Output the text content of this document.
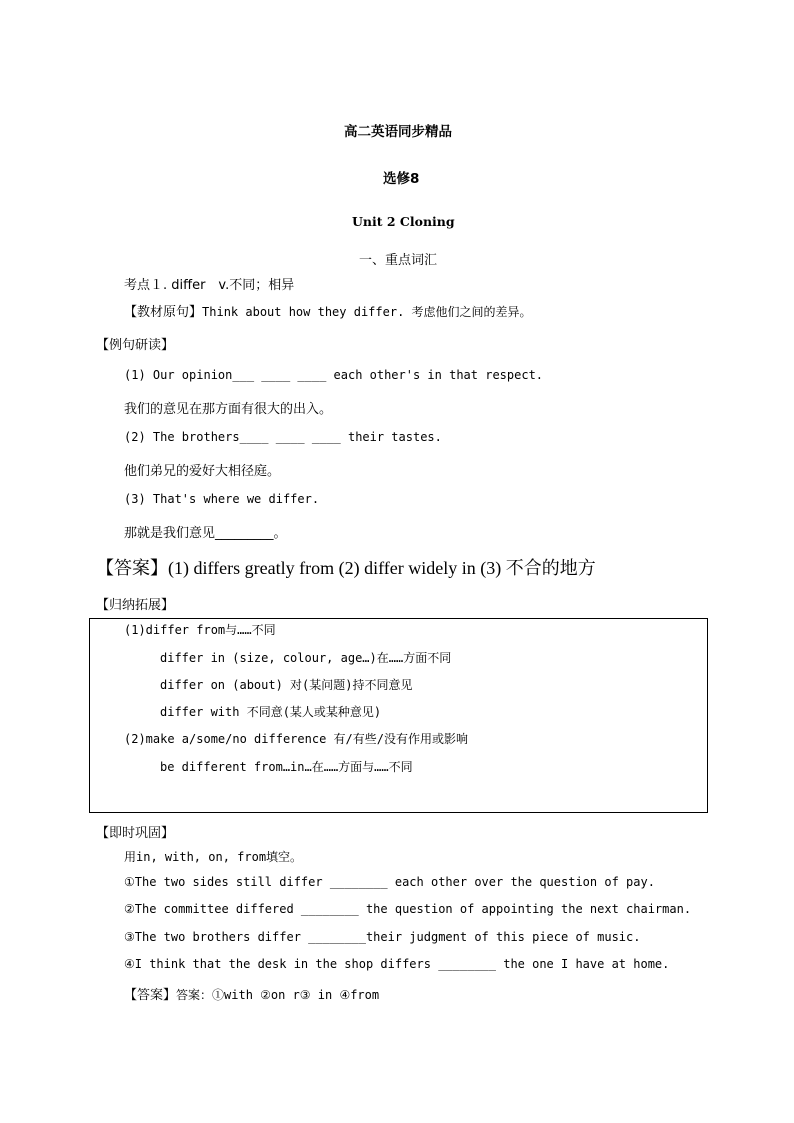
高二英语同步精品
选修8
Unit 2 Cloning
一、重点词汇
考点１. differ　v.不同；相异
【教材原句】Think about how they differ. 考虑他们之间的差异。
【例句研读】
(1) Our opinion___ ____ ____ each other's in that respect.
我们的意见在那方面有很大的出入。
(2) The brothers____ ____ ____ their tastes.
他们弟兄的爱好大相径庭。
(3) That's where we differ.
那就是我们意见_________。
【答案】(1) differs greatly from (2) differ widely in (3) 不合的地方
【归纳拓展】
(1)differ from与……不同
differ in (size, colour, age…)在……方面不同
differ on (about) 对(某问题)持不同意见
differ with 不同意(某人或某种意见)
(2)make a/some/no difference 有/有些/没有作用或影响
be different from…in…在……方面与……不同
【即时巩固】
用in, with, on, from填空。
①The two sides still differ ________ each other over the question of pay.
②The committee differed ________ the question of appointing the next chairman.
③The two brothers differ ________their judgment of this piece of music.
④I think that the desk in the shop differs ________ the one I have at home.
【答案】答案：①with ②on r③ in ④from
